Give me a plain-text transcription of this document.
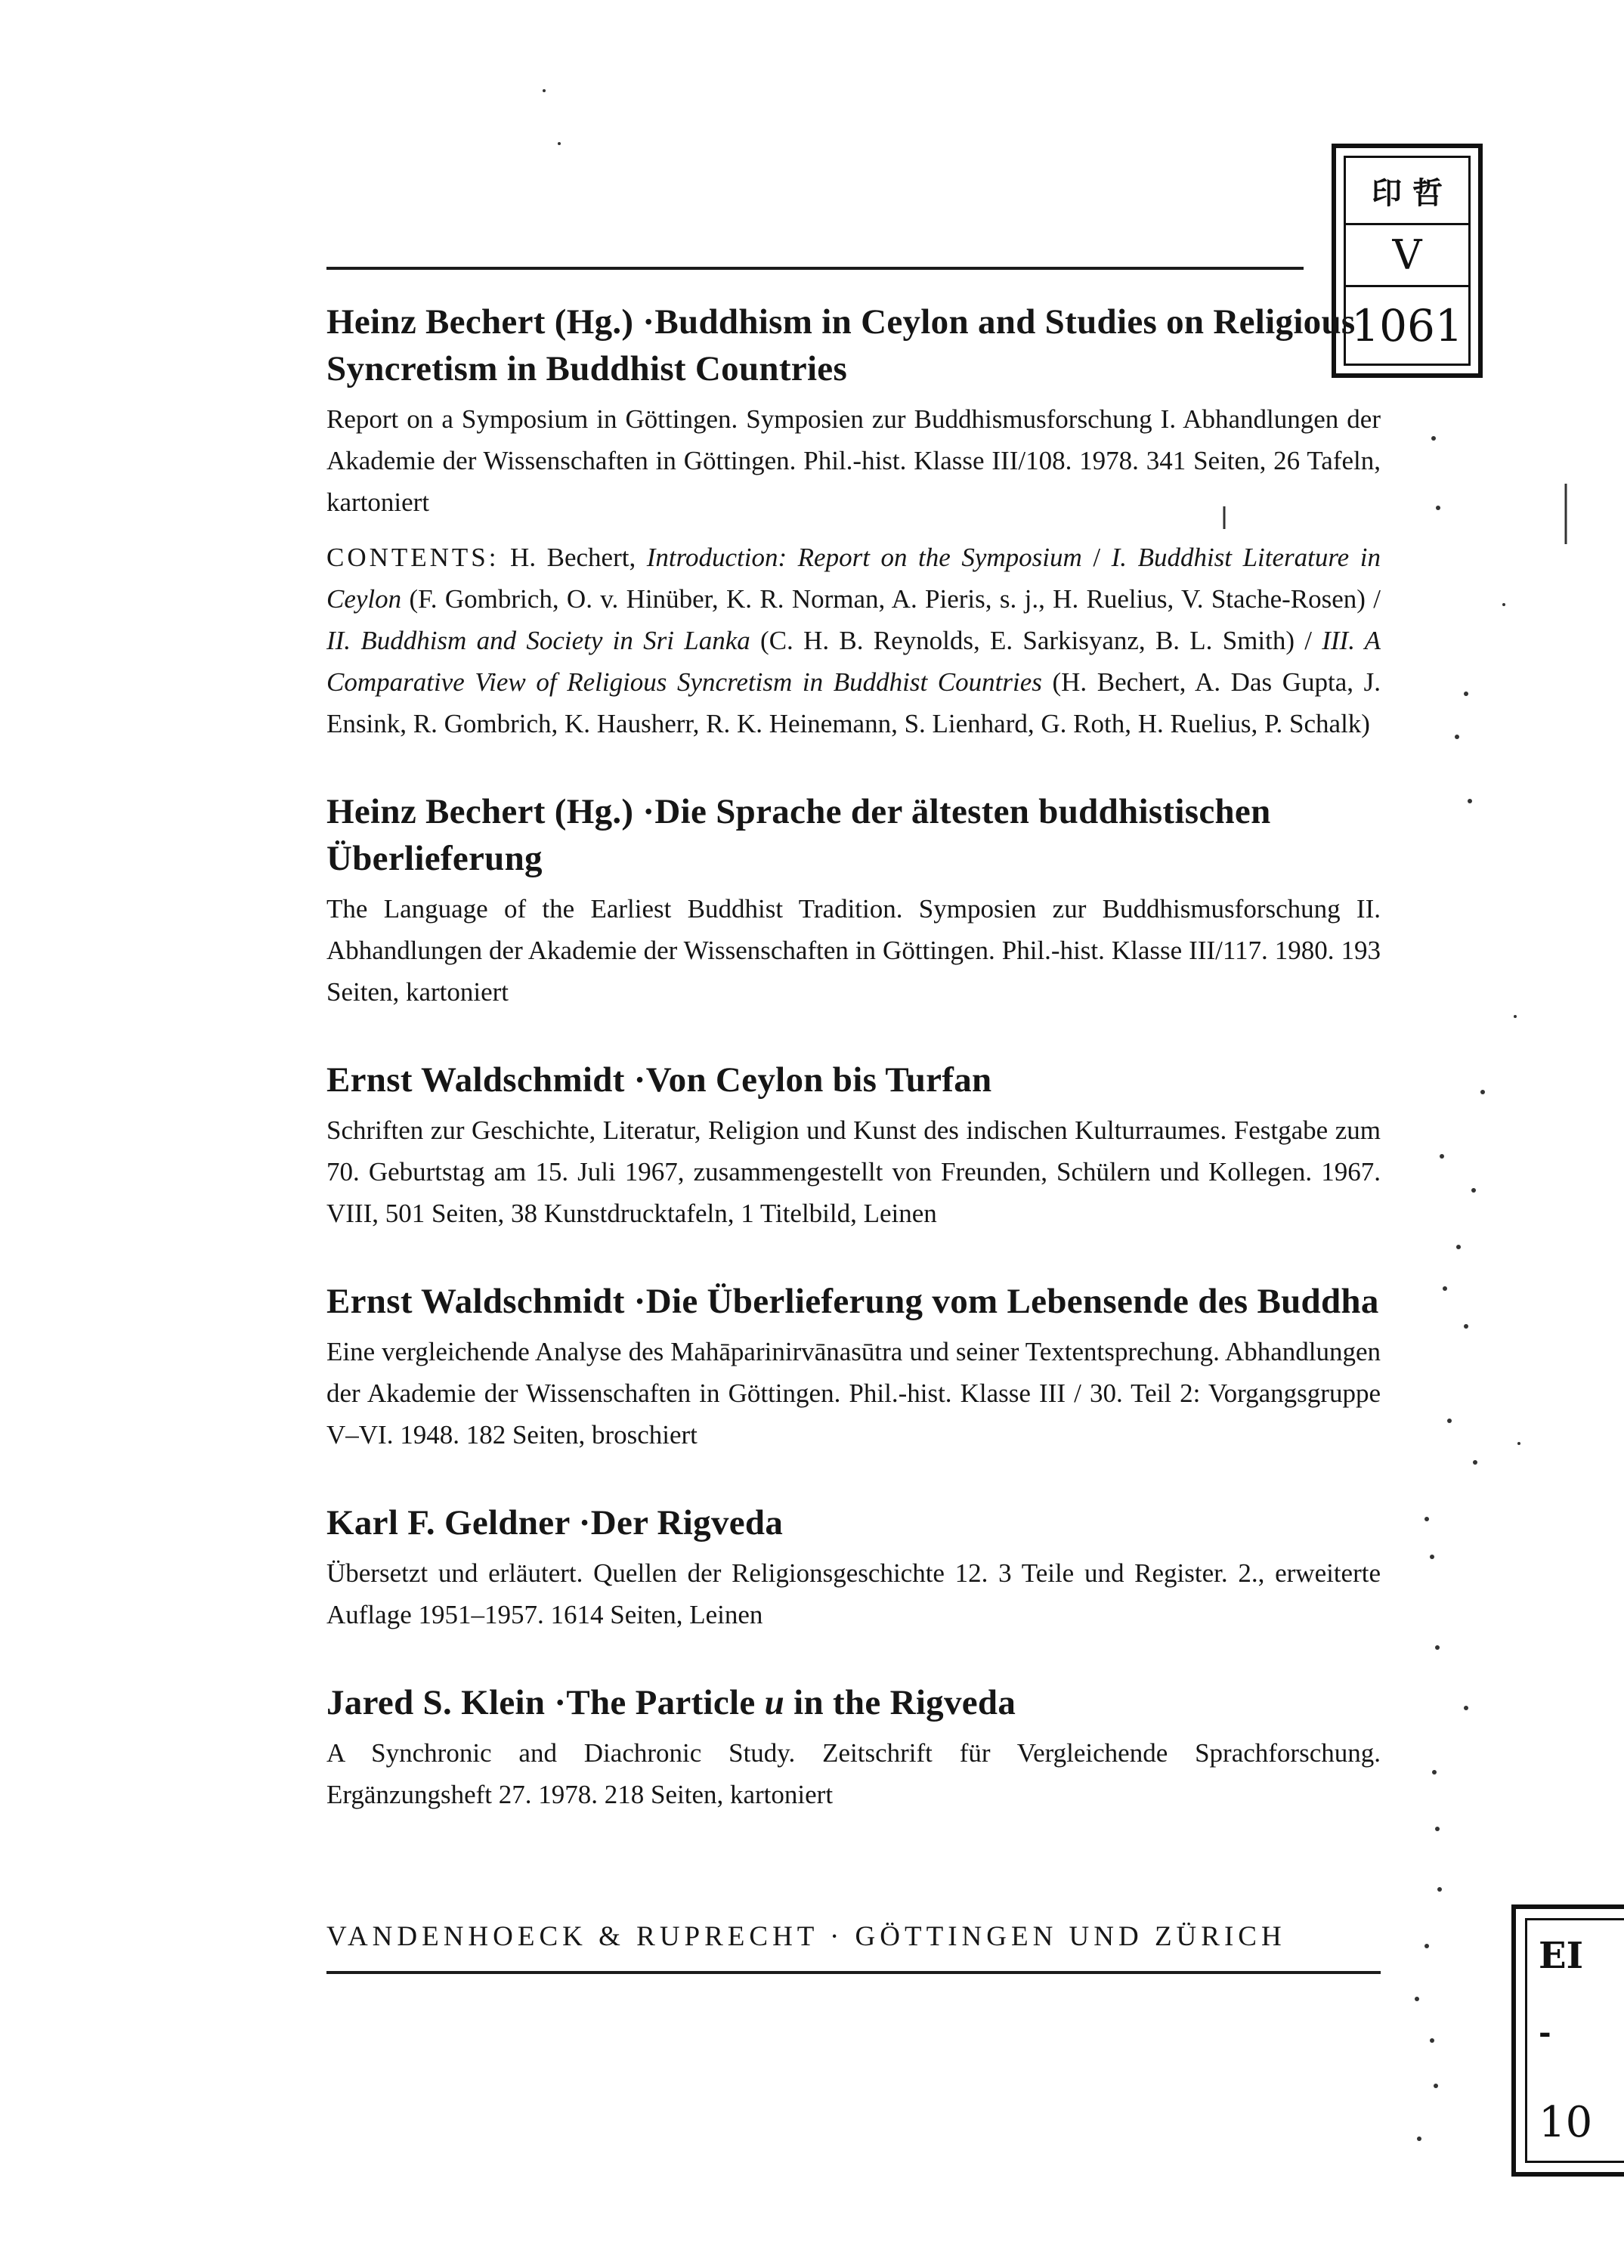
印 哲
V
1061
Heinz Bechert (Hg.) · Buddhism in Ceylon and Studies on Religious Syncretism in Buddhist Countries

Report on a Symposium in Göttingen. Symposien zur Buddhismusforschung I. Abhandlungen der Akademie der Wissenschaften in Göttingen. Phil.-hist. Klasse III/108. 1978. 341 Seiten, 26 Tafeln, kartoniert

CONTENTS: H. Bechert, Introduction: Report on the Symposium / I. Buddhist Literature in Ceylon (F. Gombrich, O. v. Hinüber, K. R. Norman, A. Pieris, s. j., H. Ruelius, V. Stache-Rosen) / II. Buddhism and Society in Sri Lanka (C. H. B. Reynolds, E. Sarkisyanz, B. L. Smith) / III. A Comparative View of Religious Syncretism in Buddhist Countries (H. Bechert, A. Das Gupta, J. Ensink, R. Gombrich, K. Hausherr, R. K. Heinemann, S. Lienhard, G. Roth, H. Ruelius, P. Schalk)

Heinz Bechert (Hg.) · Die Sprache der ältesten buddhistischen Überlieferung

The Language of the Earliest Buddhist Tradition. Symposien zur Buddhismusforschung II. Abhandlungen der Akademie der Wissenschaften in Göttingen. Phil.-hist. Klasse III/117. 1980. 193 Seiten, kartoniert

Ernst Waldschmidt · Von Ceylon bis Turfan

Schriften zur Geschichte, Literatur, Religion und Kunst des indischen Kulturraumes. Festgabe zum 70. Geburtstag am 15. Juli 1967, zusammengestellt von Freunden, Schülern und Kollegen. 1967. VIII, 501 Seiten, 38 Kunstdrucktafeln, 1 Titelbild, Leinen

Ernst Waldschmidt · Die Überlieferung vom Lebensende des Buddha

Eine vergleichende Analyse des Mahāparinirvānasūtra und seiner Textentsprechung. Abhandlungen der Akademie der Wissenschaften in Göttingen. Phil.-hist. Klasse III / 30. Teil 2: Vorgangsgruppe V–VI. 1948. 182 Seiten, broschiert

Karl F. Geldner · Der Rigveda

Übersetzt und erläutert. Quellen der Religionsgeschichte 12. 3 Teile und Register. 2., erweiterte Auflage 1951–1957. 1614 Seiten, Leinen

Jared S. Klein · The Particle u in the Rigveda

A Synchronic and Diachronic Study. Zeitschrift für Vergleichende Sprachforschung. Ergänzungsheft 27. 1978. 218 Seiten, kartoniert

VANDENHOECK & RUPRECHT · GÖTTINGEN UND ZÜRICH	EI
-
10
